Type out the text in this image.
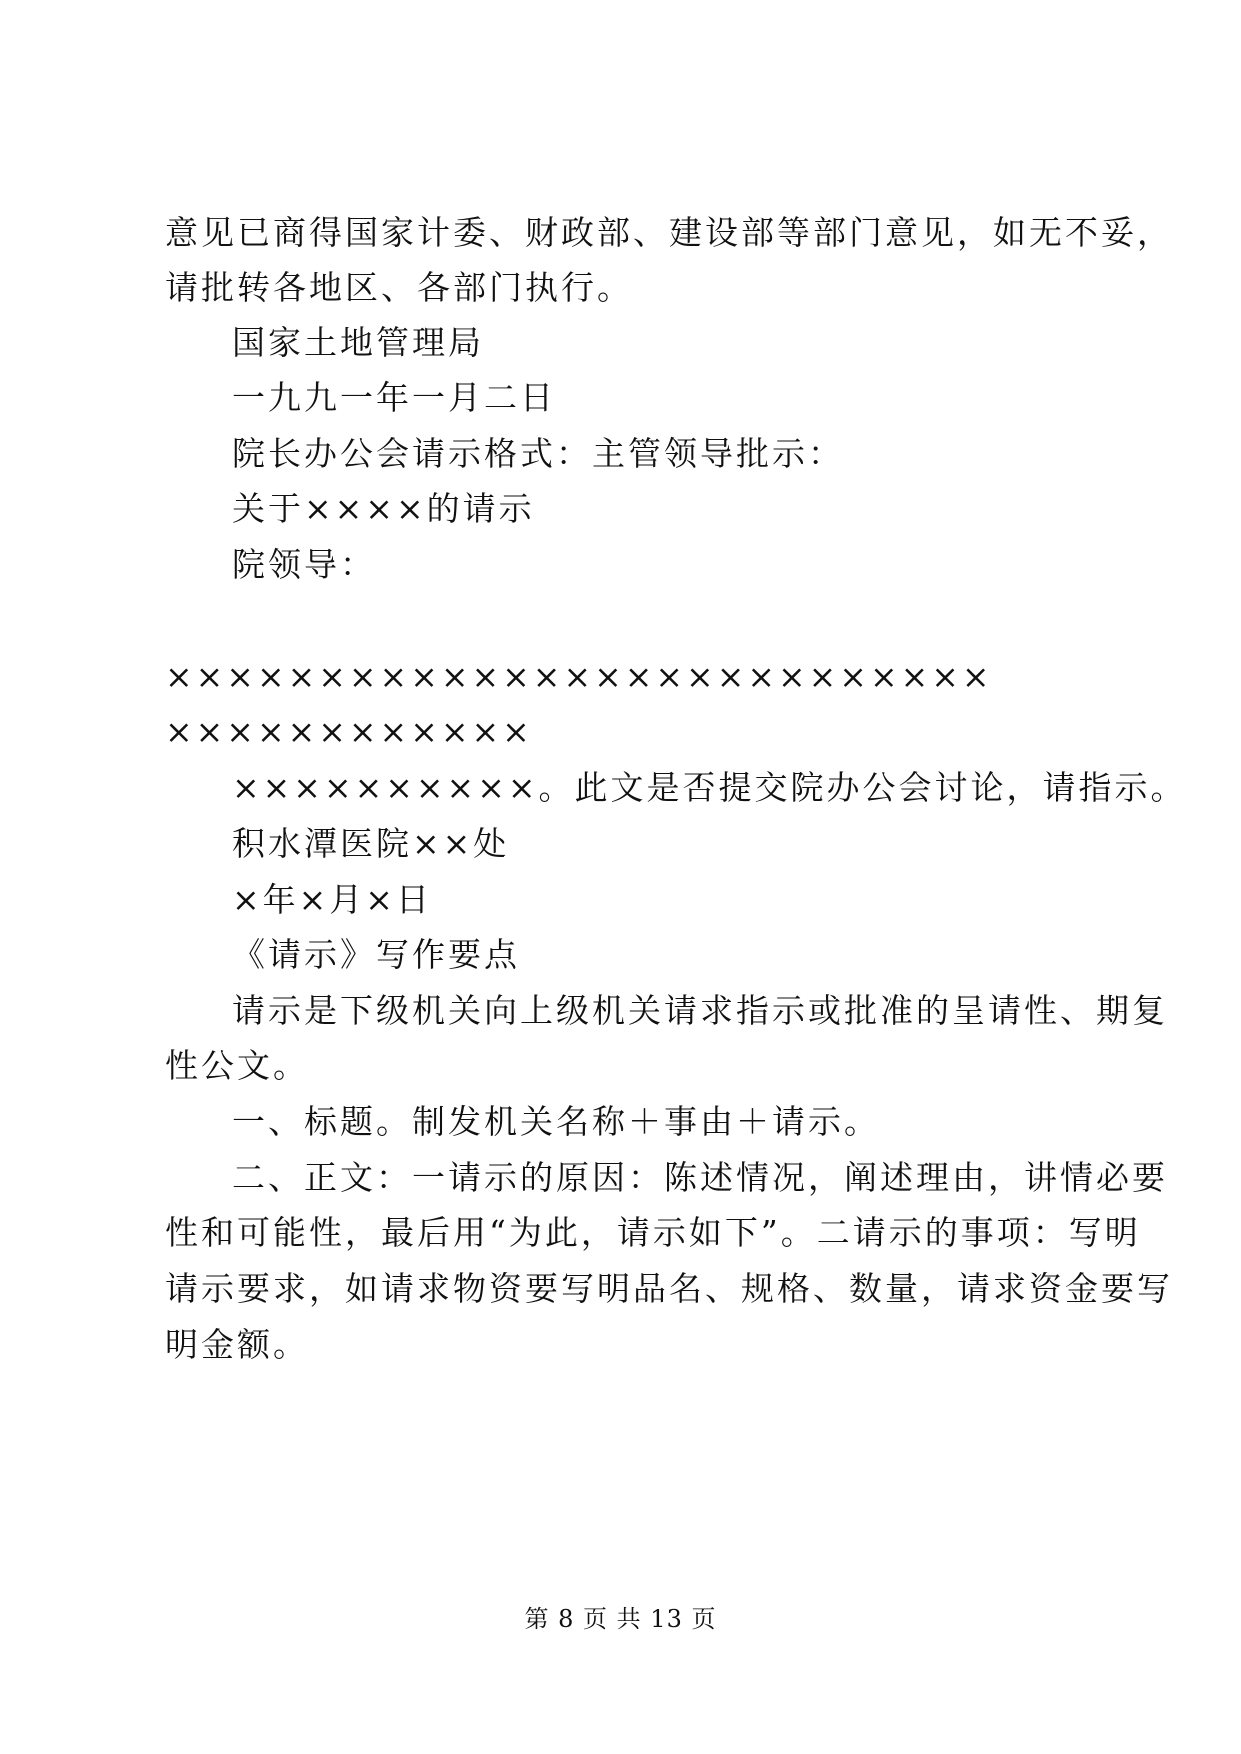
意见已商得国家计委、财政部、建设部等部门意见，如无不妥，
请批转各地区、各部门执行。
国家土地管理局
一九九一年一月二日
院长办公会请示格式：主管领导批示：
关于××××的请示
院领导：
×××××××××××××××××××××××××××
××××××××××××
××××××××××。此文是否提交院办公会讨论，请指示。
积水潭医院××处
×年×月×日
《请示》写作要点
请示是下级机关向上级机关请求指示或批准的呈请性、期复
性公文。
一、标题。制发机关名称＋事由＋请示。
二、正文：一请示的原因：陈述情况，阐述理由，讲情必要
性和可能性，最后用“为此，请示如下”。二请示的事项：写明
请示要求，如请求物资要写明品名、规格、数量，请求资金要写
明金额。
第 8 页 共 13 页
